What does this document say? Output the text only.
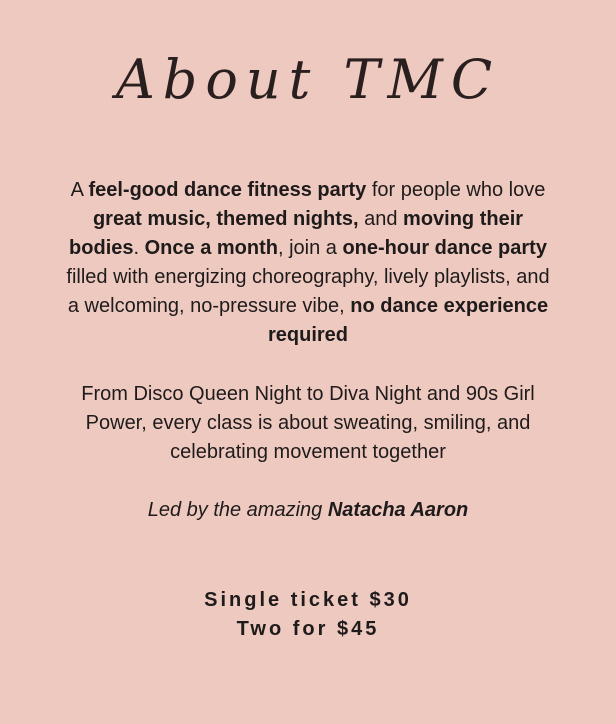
About TMC
A feel-good dance fitness party for people who love great music, themed nights, and moving their bodies. Once a month, join a one-hour dance party filled with energizing choreography, lively playlists, and a welcoming, no-pressure vibe, no dance experience required
From Disco Queen Night to Diva Night and 90s Girl Power, every class is about sweating, smiling, and celebrating movement together
Led by the amazing Natacha Aaron
Single ticket $30
Two for $45
